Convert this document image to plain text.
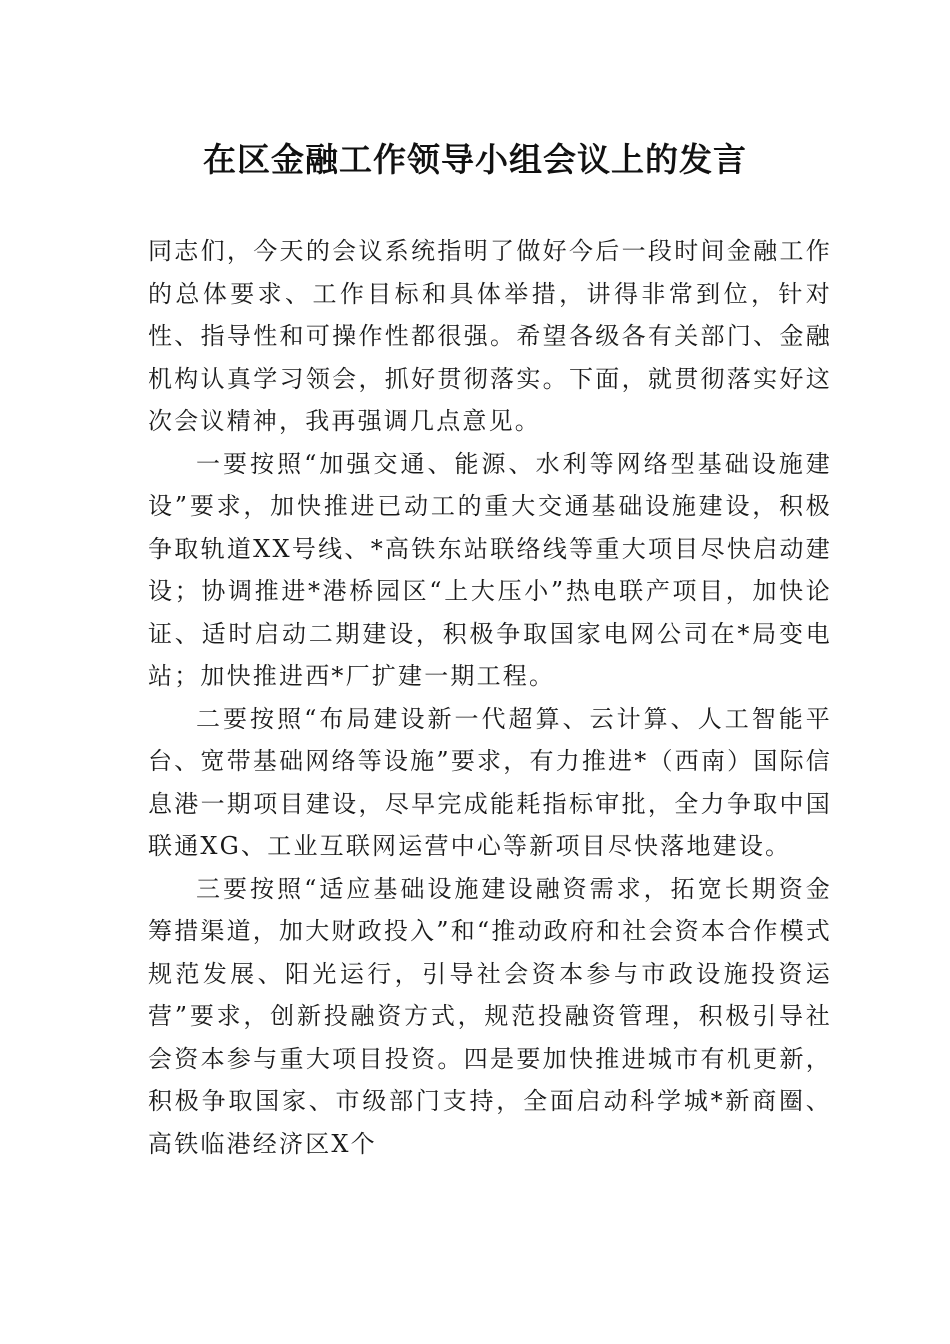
在区金融工作领导小组会议上的发言

同志们，今天的会议系统指明了做好今后一段时间金融工作的总体要求、工作目标和具体举措，讲得非常到位，针对性、指导性和可操作性都很强。希望各级各有关部门、金融机构认真学习领会，抓好贯彻落实。下面，就贯彻落实好这次会议精神，我再强调几点意见。

一要按照“加强交通、能源、水利等网络型基础设施建设”要求，加快推进已动工的重大交通基础设施建设，积极争取轨道XX号线、*高铁东站联络线等重大项目尽快启动建设；协调推进*港桥园区“上大压小”热电联产项目，加快论证、适时启动二期建设，积极争取国家电网公司在*局变电站；加快推进西*厂扩建一期工程。

二要按照“布局建设新一代超算、云计算、人工智能平台、宽带基础网络等设施”要求，有力推进*（西南）国际信息港一期项目建设，尽早完成能耗指标审批，全力争取中国联通XG、工业互联网运营中心等新项目尽快落地建设。

三要按照“适应基础设施建设融资需求，拓宽长期资金筹措渠道，加大财政投入”和“推动政府和社会资本合作模式规范发展、阳光运行，引导社会资本参与市政设施投资运营”要求，创新投融资方式，规范投融资管理，积极引导社会资本参与重大项目投资。四是要加快推进城市有机更新，积极争取国家、市级部门支持，全面启动科学城*新商圈、高铁临港经济区X个
